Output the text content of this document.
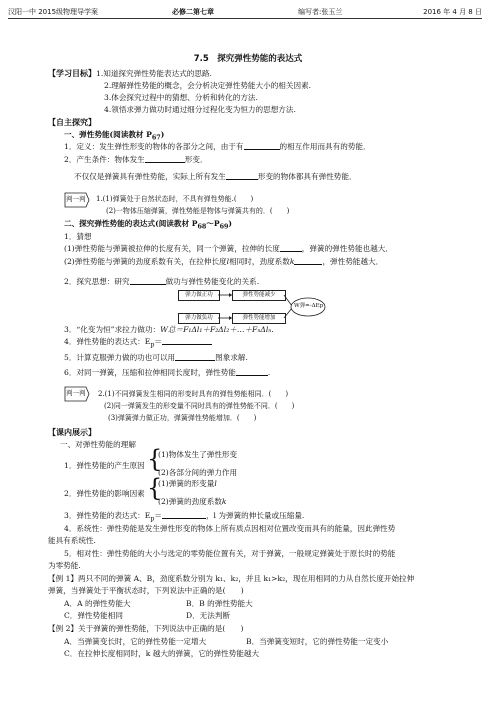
汉阳一中 2015级物理导学案	必修二第七章	编写者:张玉兰	2016 年 4 月 8 日
7.5　探究弹性势能的表达式
【学习目标】1.知道探究弹性势能表达式的思路.
2.理解弹性势能的概念，会分析决定弹性势能大小的相关因素.
3.体会探究过程中的猜想、分析和转化的方法.
4.领悟求弹力做功时通过细分过程化变为恒力的思想方法.
【自主探究】
一、弹性势能(阅读教材 $P_{67}$)
1．定义：发生弹性形变的物体的各部分之间，由于有	的相互作用而具有的势能．
2．产生条件：物体发生	形变．
不仅仅是弹簧具有弹性势能，实际上所有发生	形变的物体都具有弹性势能．
判一判 1.(1)弹簧处于自然状态时，不具有弹性势能.(　　)
(2)一物体压缩弹簧，弹性势能是物体与弹簧共有的．(　　)
二、探究弹性势能的表达式(阅读教材 $P_{68}\sim P_{69}$)
1．猜想
(1)弹性势能与弹簧被拉伸的长度有关，同一个弹簧，拉伸的长度	，弹簧的弹性势能也越大．
(2)弹性势能与弹簧的劲度系数有关，在拉伸长度l相同时，劲度系数k	，弹性势能越大．
2．探究思想：研究	做功与弹性势能变化的关系.
弹力做正功	弹性势能减少
弹力做负功	弹性势能增加
W弹=-ΔEp
3．“化变为恒”求拉力做功：W总＝F₁Δl₁＋F₂Δl₂＋…＋FₙΔlₙ.
4．弹性势能的表达式：$E_p=$
5．计算克服弹力做的功也可以用	图象求解.
6．对同一弹簧，压缩和拉伸相同长度时，弹性势能	.
判一判 2.(1)不同弹簧发生相同的形变时具有的弹性势能相同．(　　)
(2)同一弹簧发生的形变量不同时具有的弹性势能不同．(　　)
(3)弹簧弹力做正功，弹簧弹性势能增加．(　　)
【课内展示】
一、对弹性势能的理解
1．弹性势能的产生原因 {
(1)物体发生了弹性形变
(2)各部分间的弹力作用
2．弹性势能的影响因素 {
(1)弹簧的形变量l
(2)弹簧的劲度系数k
3．弹性势能的表达式：$E_p=$	，l 为弹簧的伸长量或压缩量.
4．系统性：弹性势能是发生弹性形变的物体上所有质点因相对位置改变而具有的能量，因此弹性势
能具有系统性.
5．相对性：弹性势能的大小与选定的零势能位置有关，对于弹簧，一般规定弹簧处于原长时的势能
为零势能.
【例 1】两只不同的弹簧 A、B，劲度系数分别为 k₁、k₂，并且 k₁>k₂，现在用相同的力从自然长度开始拉伸
弹簧，当弹簧处于平衡状态时，下列说法中正确的是(　　)
A．A 的弹性势能大	B．B 的弹性势能大
C．弹性势能相同	D．无法判断
【例 2】关于弹簧的弹性势能，下列说法中正确的是(　　)
A．当弹簧变长时，它的弹性势能一定增大	B．当弹簧变短时，它的弹性势能一定变小
C．在拉伸长度相同时，k 越大的弹簧，它的弹性势能越大
